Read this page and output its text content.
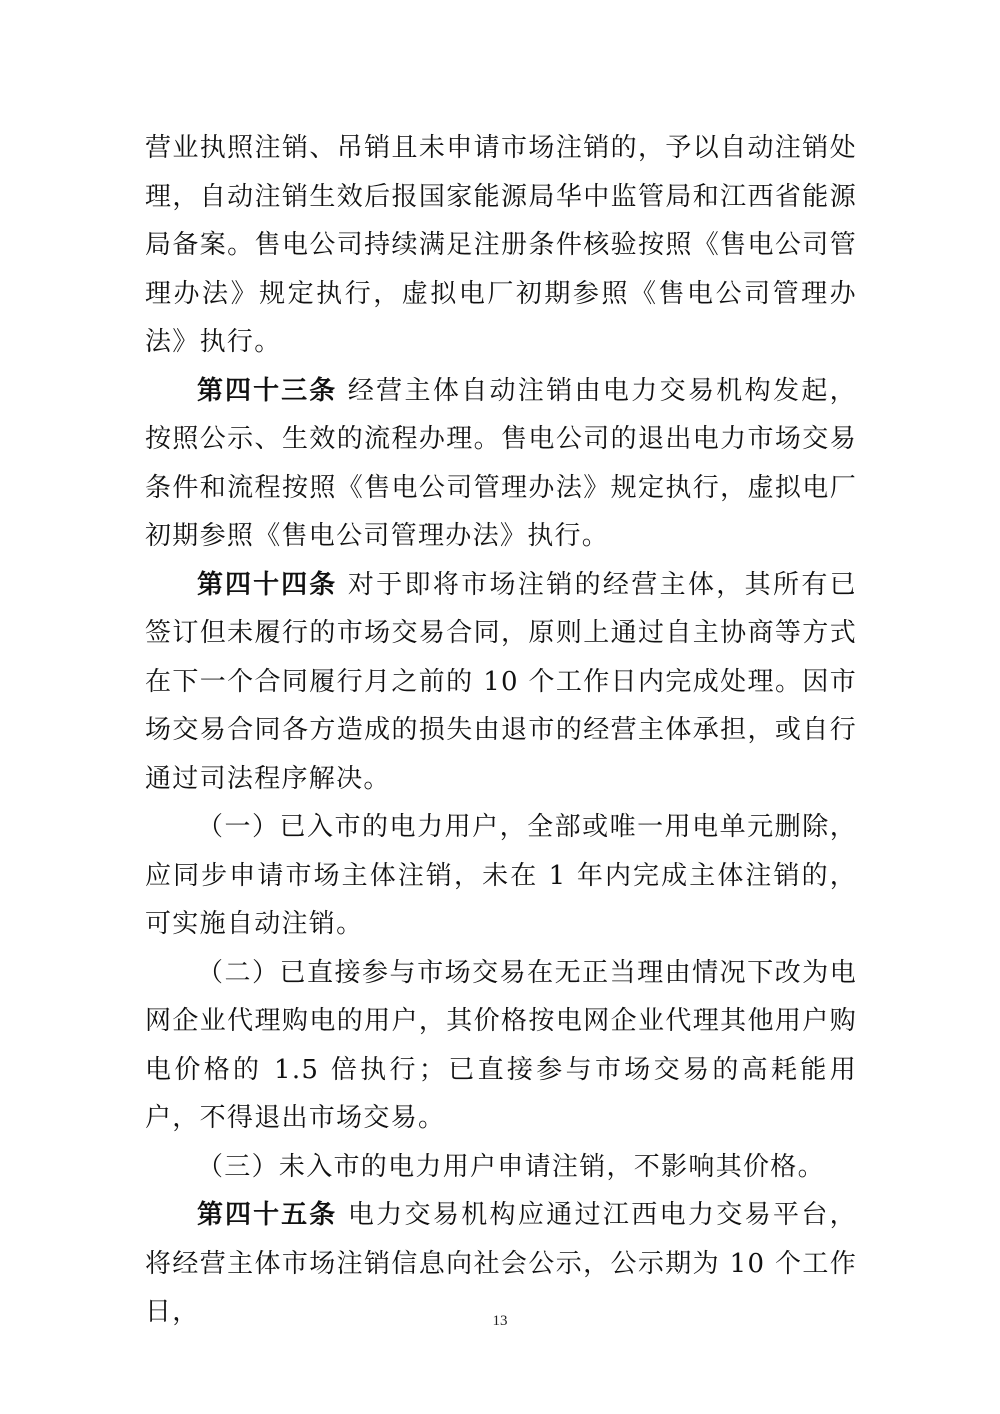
营业执照注销、吊销且未申请市场注销的，予以自动注销处理，自动注销生效后报国家能源局华中监管局和江西省能源局备案。售电公司持续满足注册条件核验按照《售电公司管理办法》规定执行，虚拟电厂初期参照《售电公司管理办法》执行。

第四十三条 经营主体自动注销由电力交易机构发起，按照公示、生效的流程办理。售电公司的退出电力市场交易条件和流程按照《售电公司管理办法》规定执行，虚拟电厂初期参照《售电公司管理办法》执行。

第四十四条 对于即将市场注销的经营主体，其所有已签订但未履行的市场交易合同，原则上通过自主协商等方式在下一个合同履行月之前的 10 个工作日内完成处理。因市场交易合同各方造成的损失由退市的经营主体承担，或自行通过司法程序解决。

（一）已入市的电力用户，全部或唯一用电单元删除，应同步申请市场主体注销，未在 1 年内完成主体注销的，可实施自动注销。

（二）已直接参与市场交易在无正当理由情况下改为电网企业代理购电的用户，其价格按电网企业代理其他用户购电价格的 1.5 倍执行；已直接参与市场交易的高耗能用户，不得退出市场交易。

（三）未入市的电力用户申请注销，不影响其价格。

第四十五条 电力交易机构应通过江西电力交易平台，将经营主体市场注销信息向社会公示，公示期为 10 个工作日，	13
